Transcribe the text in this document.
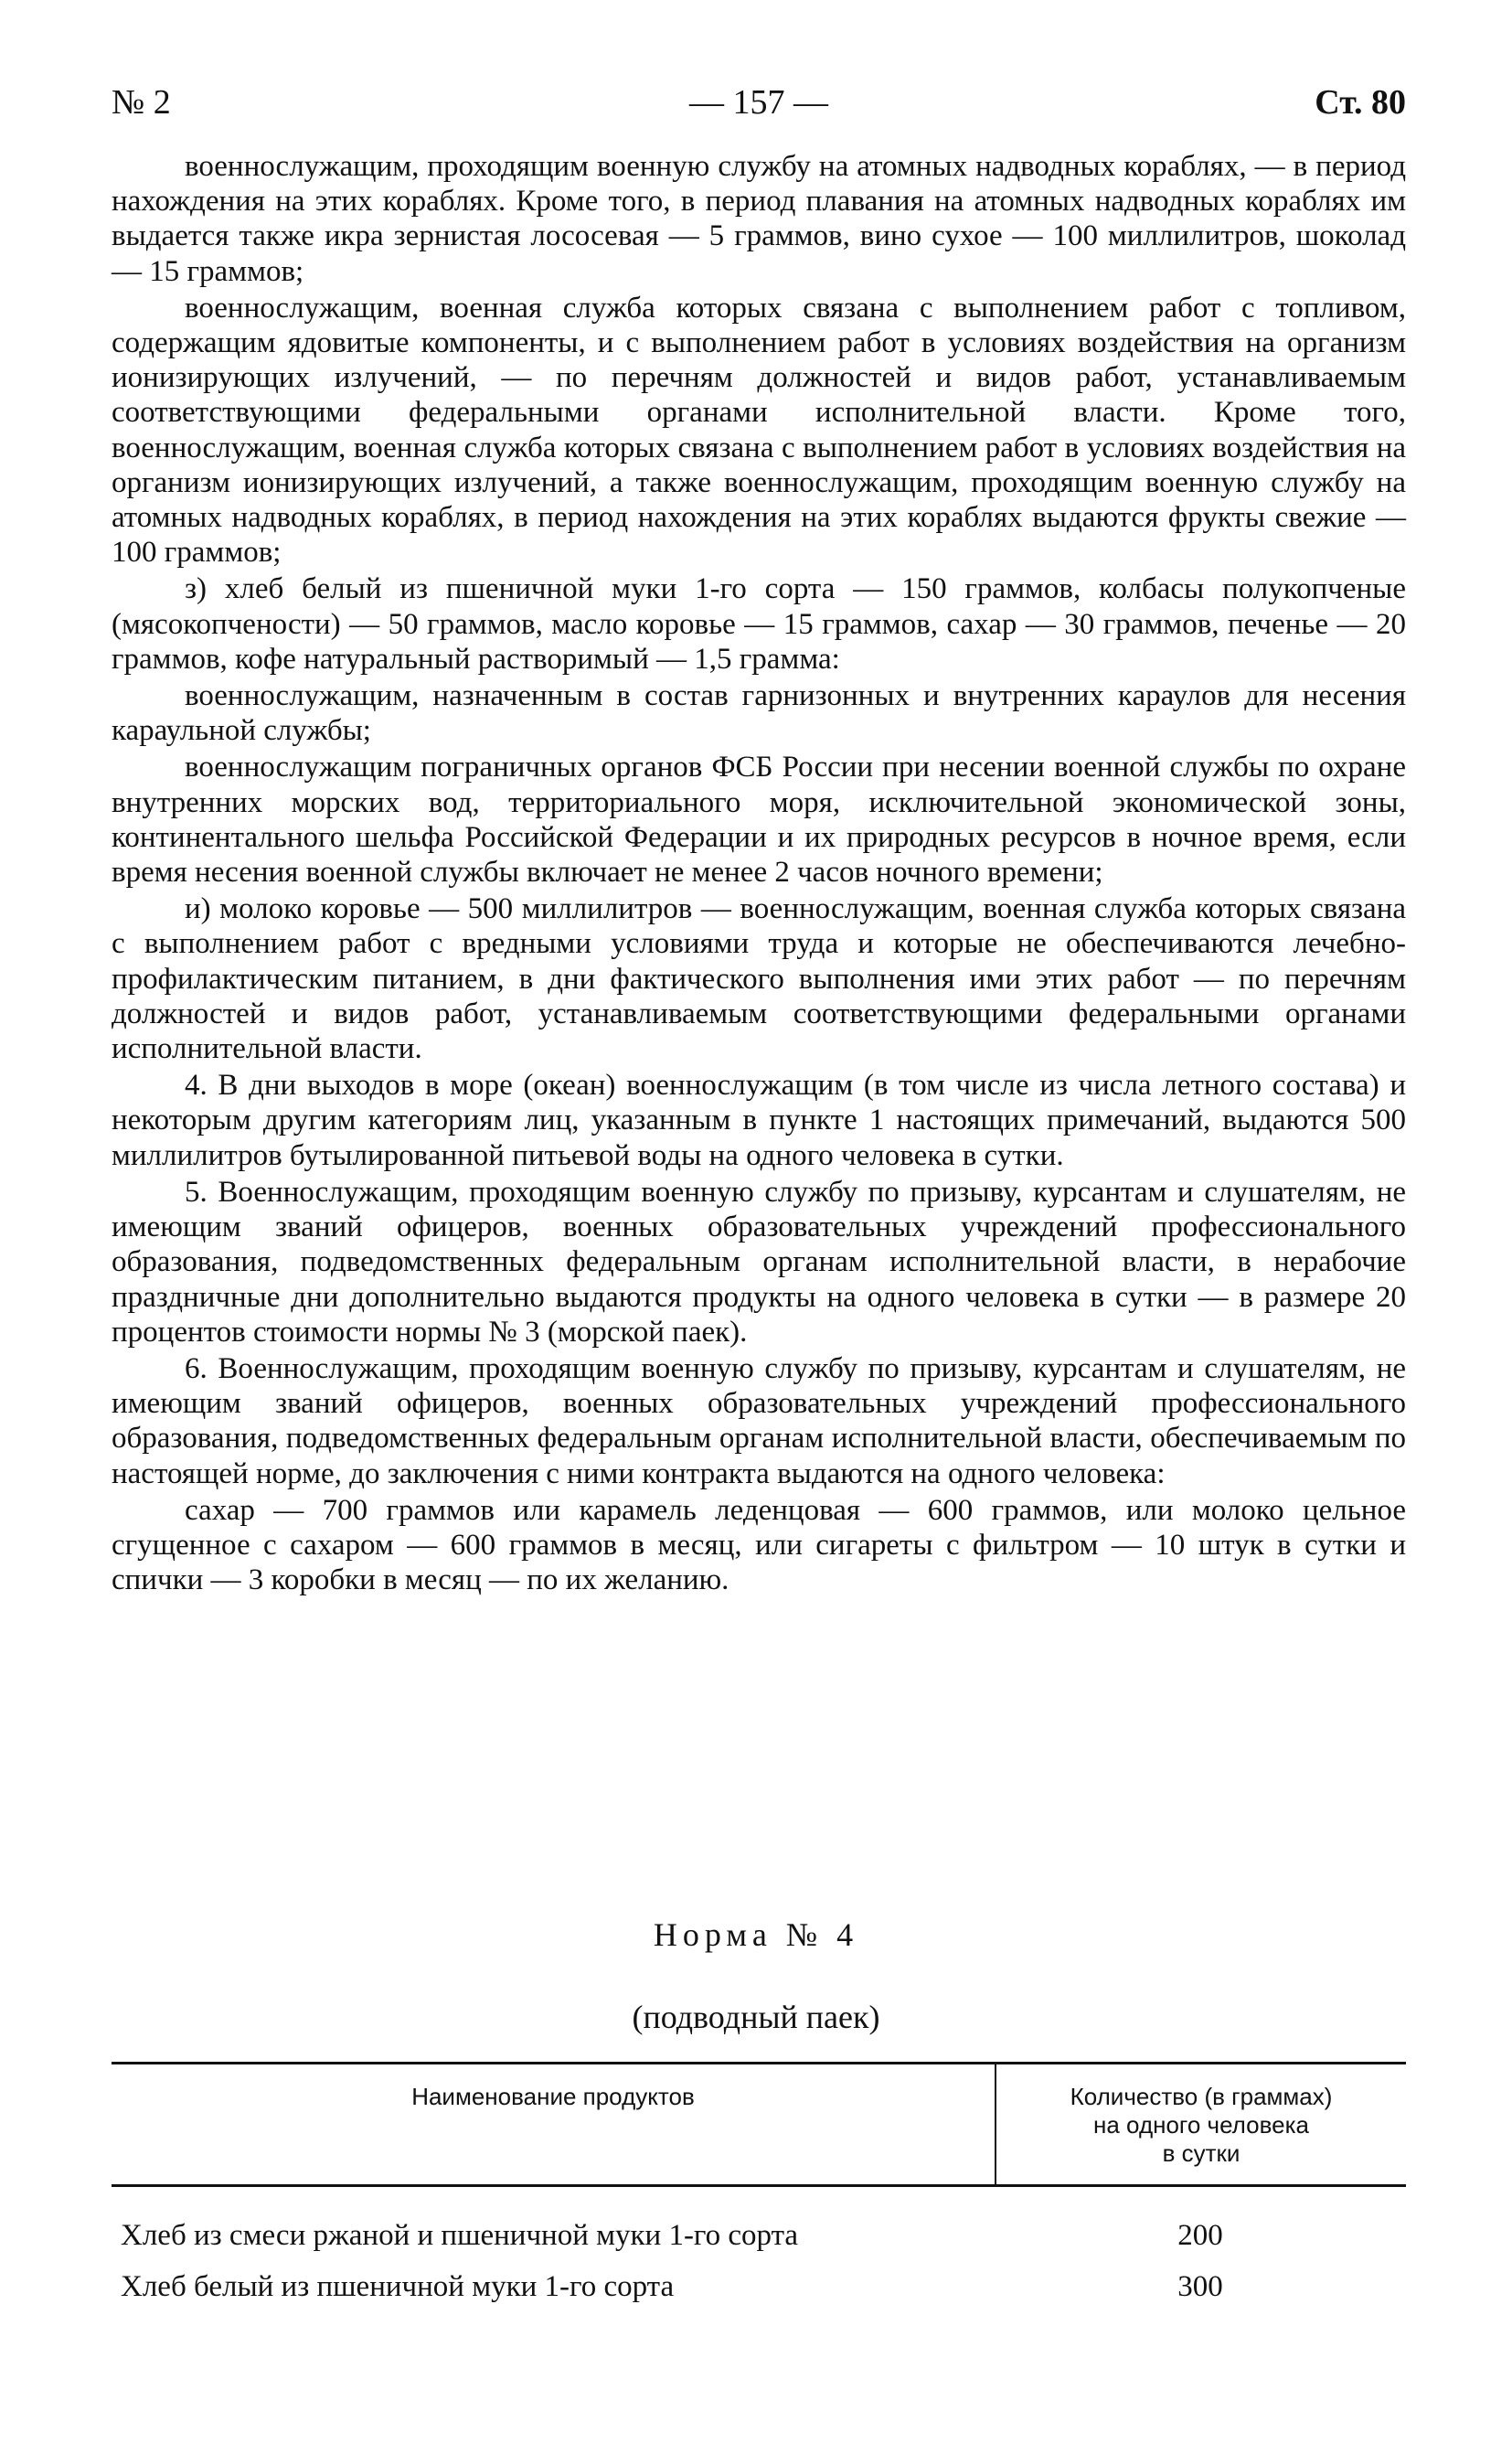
№ 2	— 157 —	Ст. 80

военнослужащим, проходящим военную службу на атомных надводных кораблях, — в период нахождения на этих кораблях. Кроме того, в период плавания на атомных надводных кораблях им выдается также икра зернистая лососевая — 5 граммов, вино сухое — 100 миллилитров, шоколад — 15 граммов;

военнослужащим, военная служба которых связана с выполнением работ с топливом, содержащим ядовитые компоненты, и с выполнением работ в условиях воздействия на организм ионизирующих излучений, — по перечням должностей и видов работ, устанавливаемым соответствующими федеральными органами исполнительной власти. Кроме того, военнослужащим, военная служба которых связана с выполнением работ в условиях воздействия на организм ионизирующих излучений, а также военнослужащим, проходящим военную службу на атомных надводных кораблях, в период нахождения на этих кораблях выдаются фрукты свежие — 100 граммов;

з) хлеб белый из пшеничной муки 1-го сорта — 150 граммов, колбасы полукопченые (мясокопчености) — 50 граммов, масло коровье — 15 граммов, сахар — 30 граммов, печенье — 20 граммов, кофе натуральный растворимый — 1,5 грамма:

военнослужащим, назначенным в состав гарнизонных и внутренних караулов для несения караульной службы;

военнослужащим пограничных органов ФСБ России при несении военной службы по охране внутренних морских вод, территориального моря, исключительной экономической зоны, континентального шельфа Российской Федерации и их природных ресурсов в ночное время, если время несения военной службы включает не менее 2 часов ночного времени;

и) молоко коровье — 500 миллилитров — военнослужащим, военная служба которых связана с выполнением работ с вредными условиями труда и которые не обеспечиваются лечебно-профилактическим питанием, в дни фактического выполнения ими этих работ — по перечням должностей и видов работ, устанавливаемым соответствующими федеральными органами исполнительной власти.

4. В дни выходов в море (океан) военнослужащим (в том числе из числа летного состава) и некоторым другим категориям лиц, указанным в пункте 1 настоящих примечаний, выдаются 500 миллилитров бутылированной питьевой воды на одного человека в сутки.

5. Военнослужащим, проходящим военную службу по призыву, курсантам и слушателям, не имеющим званий офицеров, военных образовательных учреждений профессионального образования, подведомственных федеральным органам исполнительной власти, в нерабочие праздничные дни дополнительно выдаются продукты на одного человека в сутки — в размере 20 процентов стоимости нормы № 3 (морской паек).

6. Военнослужащим, проходящим военную службу по призыву, курсантам и слушателям, не имеющим званий офицеров, военных образовательных учреждений профессионального образования, подведомственных федеральным органам исполнительной власти, обеспечиваемым по настоящей норме, до заключения с ними контракта выдаются на одного человека:

сахар — 700 граммов или карамель леденцовая — 600 граммов, или молоко цельное сгущенное с сахаром — 600 граммов в месяц, или сигареты с фильтром — 10 штук в сутки и спички — 3 коробки в месяц — по их желанию.

Норма № 4
(подводный паек)
Наименование продуктов	Количество (в граммах)
на одного человека
в сутки
Хлеб из смеси ржаной и пшеничной муки 1-го сорта	200
Хлеб белый из пшеничной муки 1-го сорта	300
